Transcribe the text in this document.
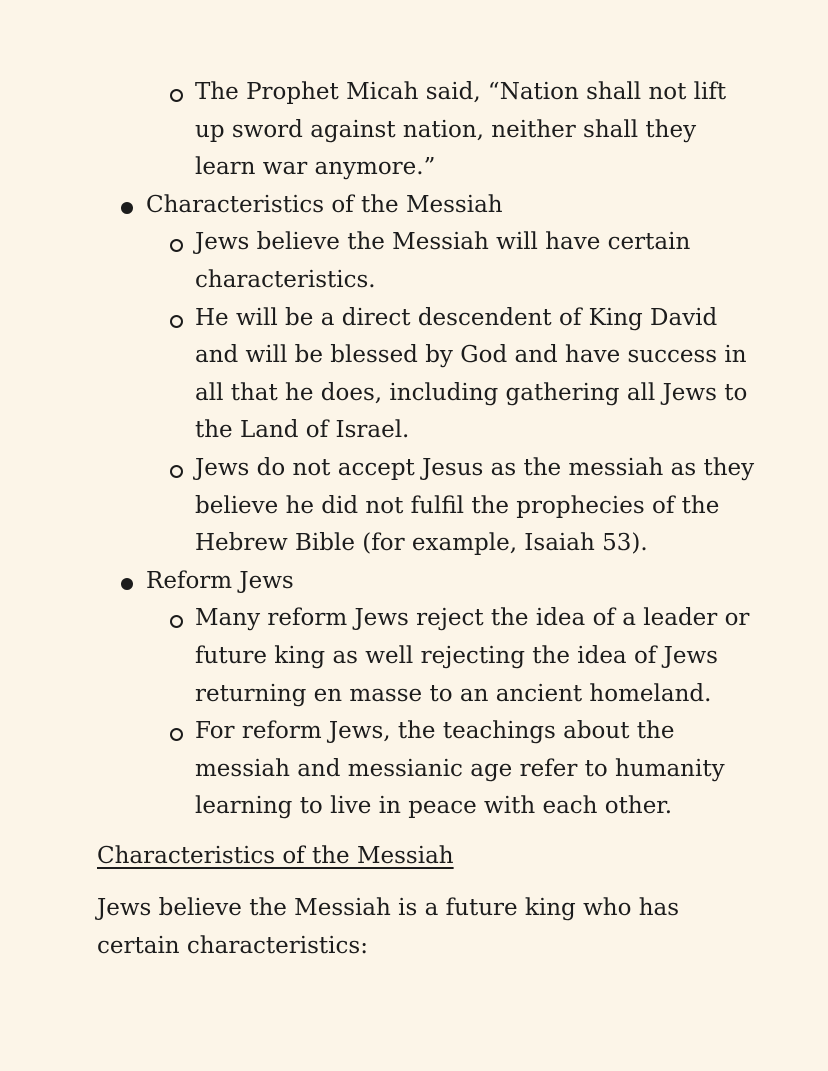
The Prophet Micah said, “Nation shall not lift up sword against nation, neither shall they learn war anymore.”
Characteristics of the Messiah
Jews believe the Messiah will have certain characteristics.
He will be a direct descendent of King David and will be blessed by God and have success in all that he does, including gathering all Jews to the Land of Israel.
Jews do not accept Jesus as the messiah as they believe he did not fulfil the prophecies of the Hebrew Bible (for example, Isaiah 53).
Reform Jews
Many reform Jews reject the idea of a leader or future king as well rejecting the idea of Jews returning en masse to an ancient homeland.
For reform Jews, the teachings about the messiah and messianic age refer to humanity learning to live in peace with each other.
Characteristics of the Messiah
Jews believe the Messiah is a future king who has certain characteristics:
